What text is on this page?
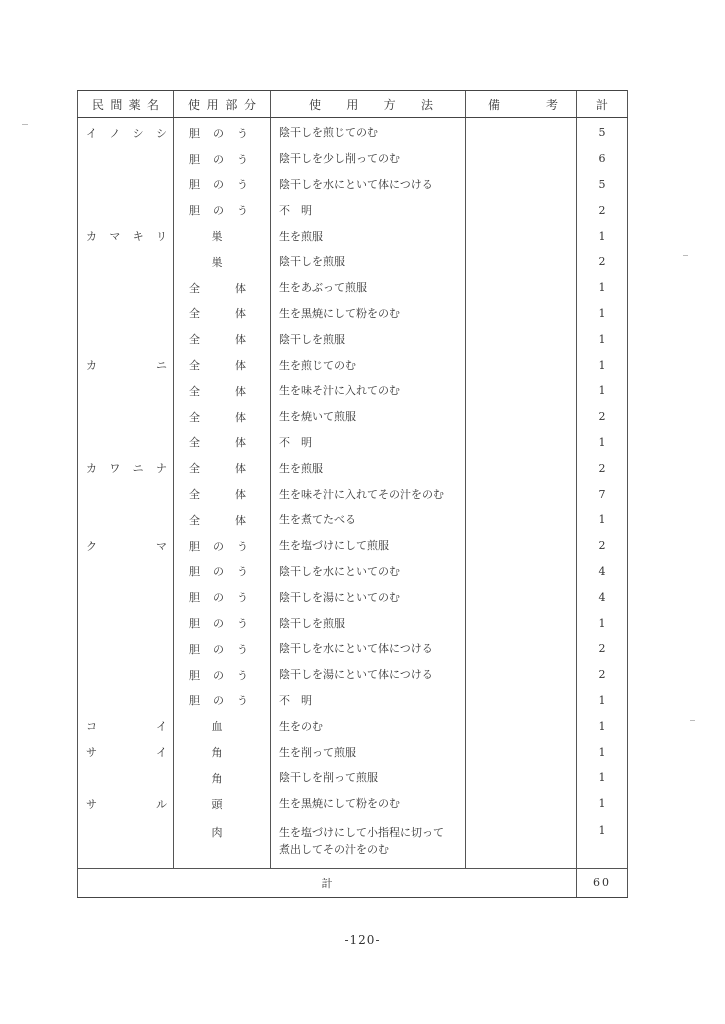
民 間 薬 名	使 用 部 分	使 用 方 法	備 考	計

イ ノ シ シ	胆 の う	陰干しを煎じてのむ		5

	胆 の う	陰干しを少し削ってのむ		6

	胆 の う	陰干しを水にといて体につける		5

	胆 の う	不　明		2

カ マ キ リ	巣	生を煎服		1

	巣	陰干しを煎服		2

	全 体	生をあぶって煎服		1

	全 体	生を黒焼にして粉をのむ		1

	全 体	陰干しを煎服		1

カ ニ	全 体	生を煎じてのむ		1

	全 体	生を味そ汁に入れてのむ		1

	全 体	生を焼いて煎服		2

	全 体	不　明		1

カ ワ ニ ナ	全 体	生を煎服		2

	全 体	生を味そ汁に入れてその汁をのむ		7

	全 体	生を煮てたべる		1

ク マ	胆 の う	生を塩づけにして煎服		2

	胆 の う	陰干しを水にといてのむ		4

	胆 の う	陰干しを湯にといてのむ		4

	胆 の う	陰干しを煎服		1

	胆 の う	陰干しを水にといて体につける		2

	胆 の う	陰干しを湯にといて体につける		2

	胆 の う	不　明		1

コ イ	血	生をのむ		1

サ イ	角	生を削って煎服		1

	角	陰干しを削って煎服		1

サ ル	頭	生を黒焼にして粉をのむ		1

	肉	生を塩づけにして小指程に切って
煮出してその汁をのむ		1
計				60
-120-
